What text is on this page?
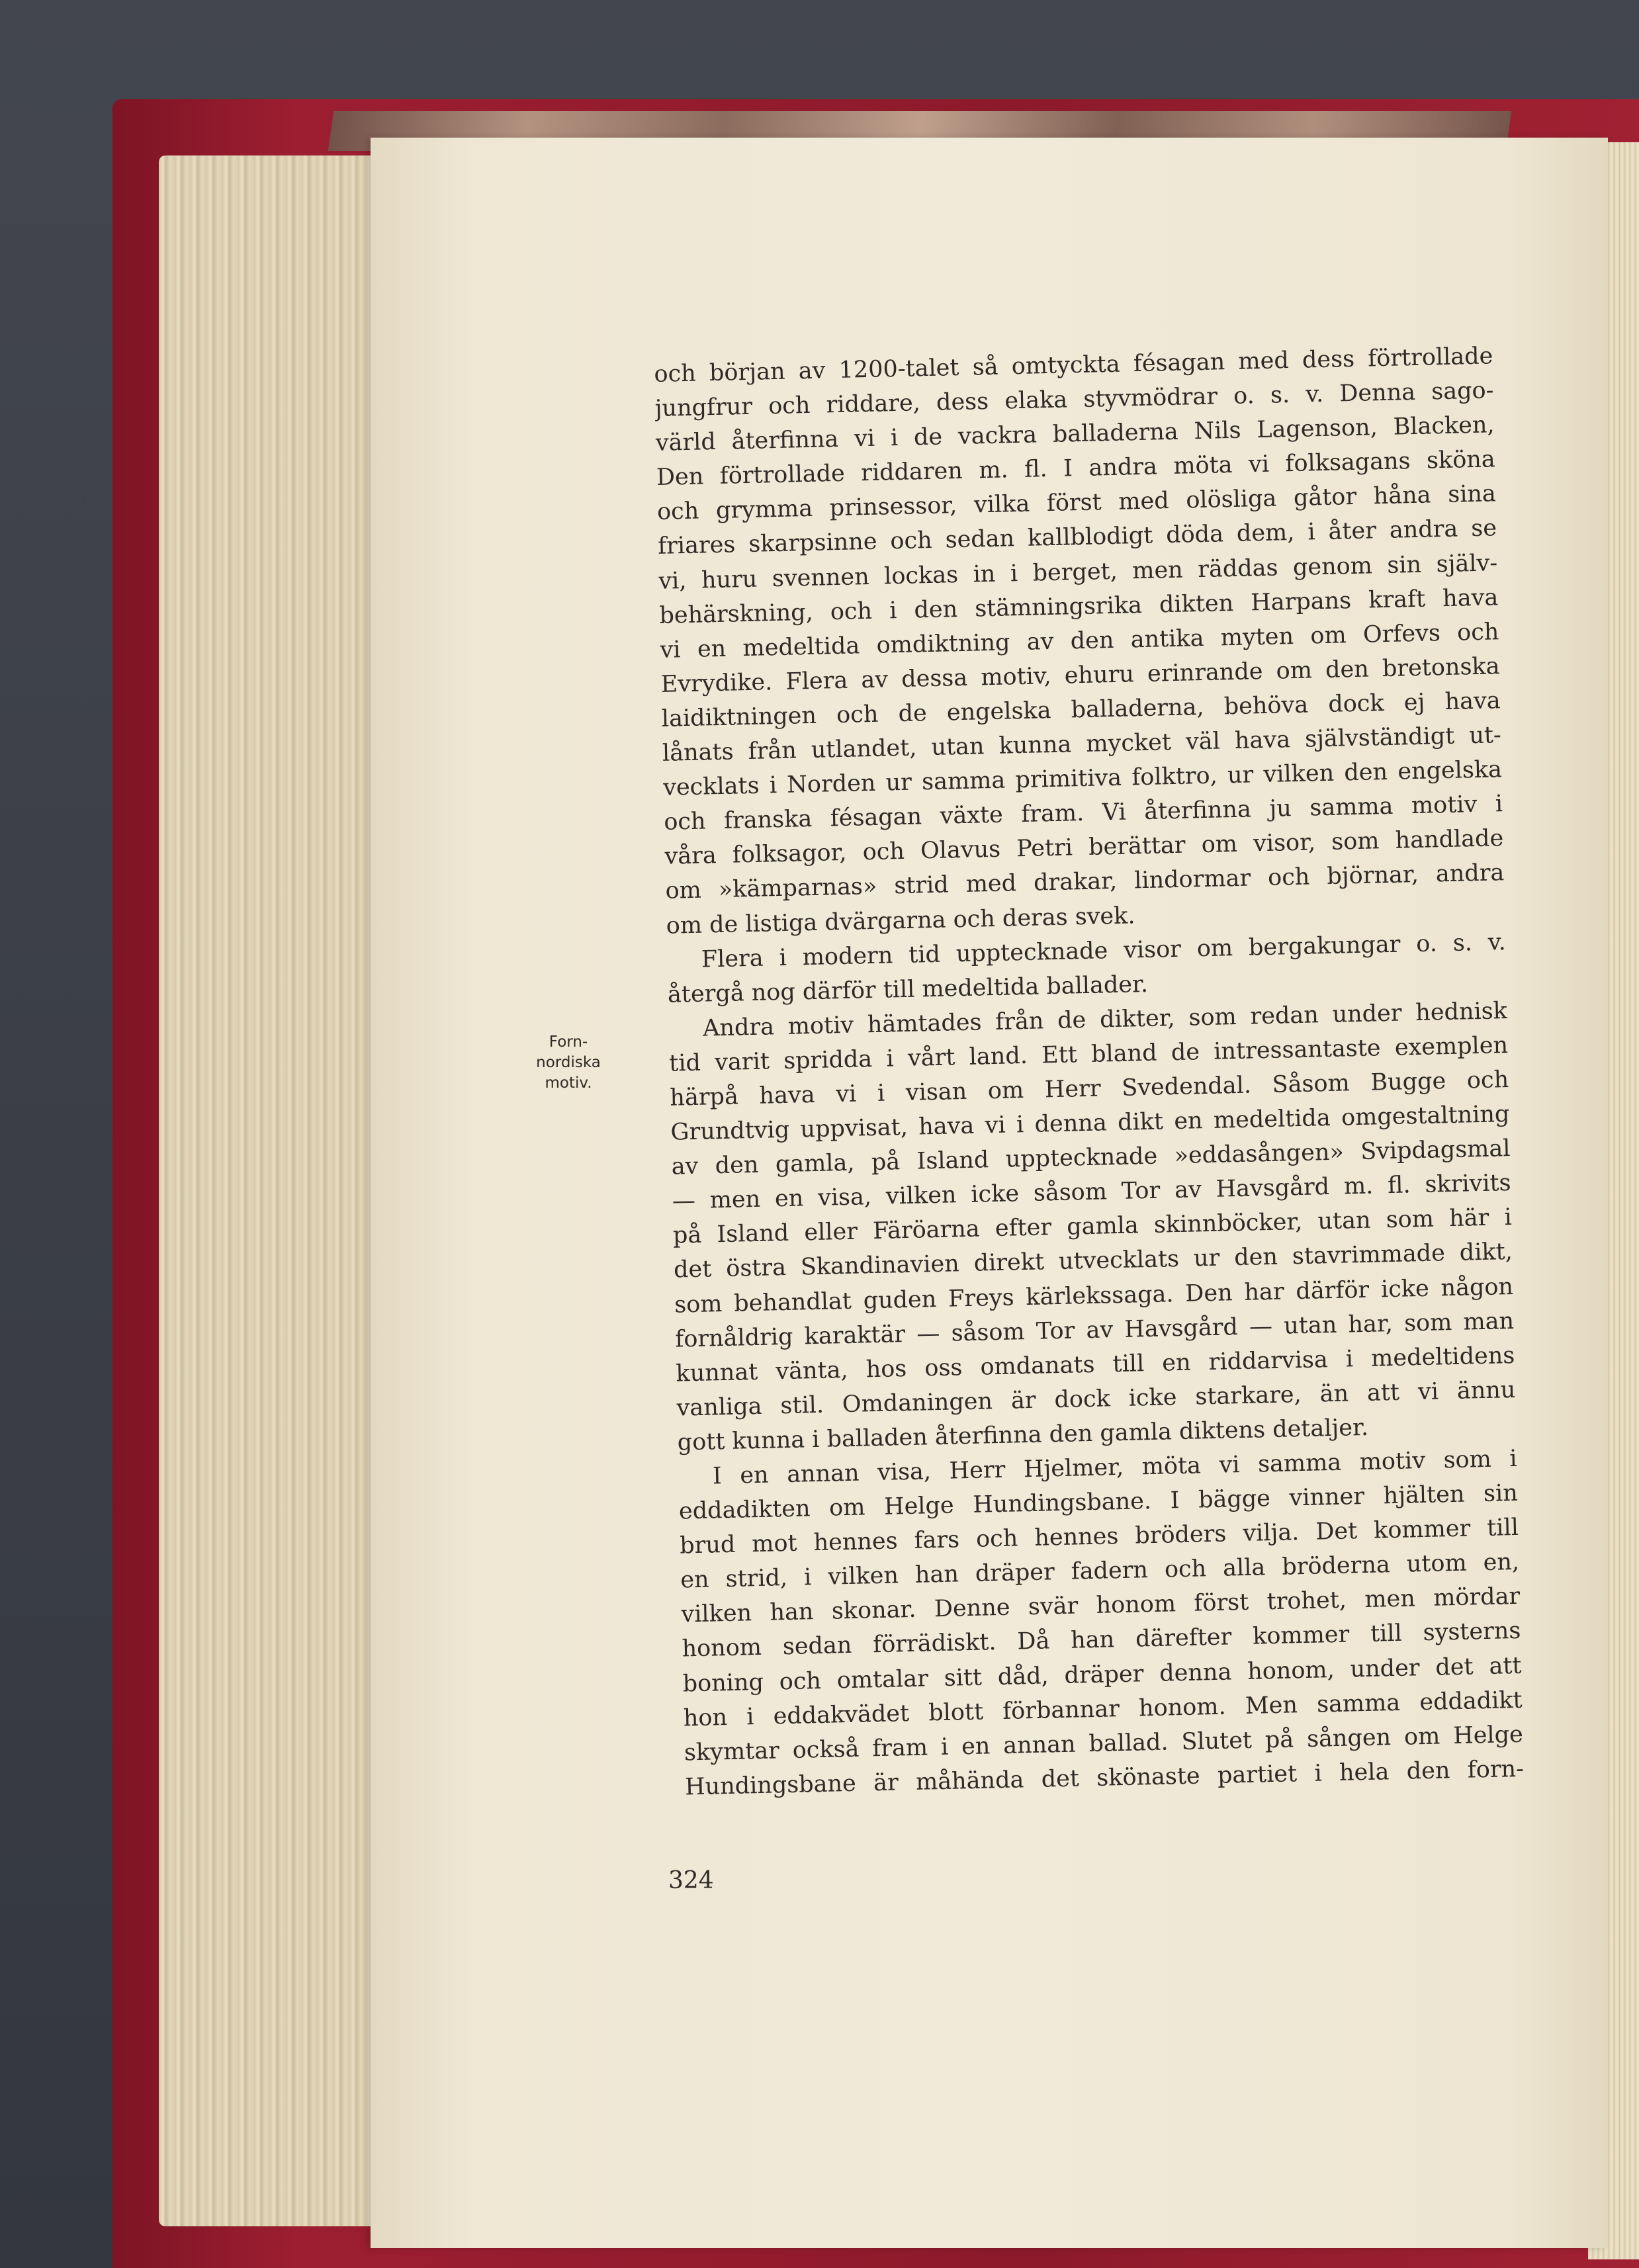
Forn-
nordiska
motiv.
och början av 1200-talet så omtyckta fésagan med dess förtrollade
jungfrur och riddare, dess elaka styvmödrar o. s. v. Denna sago-
värld återfinna vi i de vackra balladerna Nils Lagenson, Blacken,
Den förtrollade riddaren m. fl. I andra möta vi folksagans sköna
och grymma prinsessor, vilka först med olösliga gåtor håna sina
friares skarpsinne och sedan kallblodigt döda dem, i åter andra se
vi, huru svennen lockas in i berget, men räddas genom sin själv-
behärskning, och i den stämningsrika dikten Harpans kraft hava
vi en medeltida omdiktning av den antika myten om Orfevs och
Evrydike. Flera av dessa motiv, ehuru erinrande om den bretonska
laidiktningen och de engelska balladerna, behöva dock ej hava
lånats från utlandet, utan kunna mycket väl hava självständigt ut-
vecklats i Norden ur samma primitiva folktro, ur vilken den engelska
och franska fésagan växte fram. Vi återfinna ju samma motiv i
våra folksagor, och Olavus Petri berättar om visor, som handlade
om »kämparnas» strid med drakar, lindormar och björnar, andra
om de listiga dvärgarna och deras svek.
Flera i modern tid upptecknade visor om bergakungar o. s. v.
återgå nog därför till medeltida ballader.
Andra motiv hämtades från de dikter, som redan under hednisk
tid varit spridda i vårt land. Ett bland de intressantaste exemplen
härpå hava vi i visan om Herr Svedendal. Såsom Bugge och
Grundtvig uppvisat, hava vi i denna dikt en medeltida omgestaltning
av den gamla, på Island upptecknade »eddasången» Svipdagsmal
— men en visa, vilken icke såsom Tor av Havsgård m. fl. skrivits
på Island eller Färöarna efter gamla skinnböcker, utan som här i
det östra Skandinavien direkt utvecklats ur den stavrimmade dikt,
som behandlat guden Freys kärlekssaga. Den har därför icke någon
fornåldrig karaktär — såsom Tor av Havsgård — utan har, som man
kunnat vänta, hos oss omdanats till en riddarvisa i medeltidens
vanliga stil. Omdaningen är dock icke starkare, än att vi ännu
gott kunna i balladen återfinna den gamla diktens detaljer.
I en annan visa, Herr Hjelmer, möta vi samma motiv som i
eddadikten om Helge Hundingsbane. I bägge vinner hjälten sin
brud mot hennes fars och hennes bröders vilja. Det kommer till
en strid, i vilken han dräper fadern och alla bröderna utom en,
vilken han skonar. Denne svär honom först trohet, men mördar
honom sedan förrädiskt. Då han därefter kommer till systerns
boning och omtalar sitt dåd, dräper denna honom, under det att
hon i eddakvädet blott förbannar honom. Men samma eddadikt
skymtar också fram i en annan ballad. Slutet på sången om Helge
Hundingsbane är måhända det skönaste partiet i hela den forn-
324
